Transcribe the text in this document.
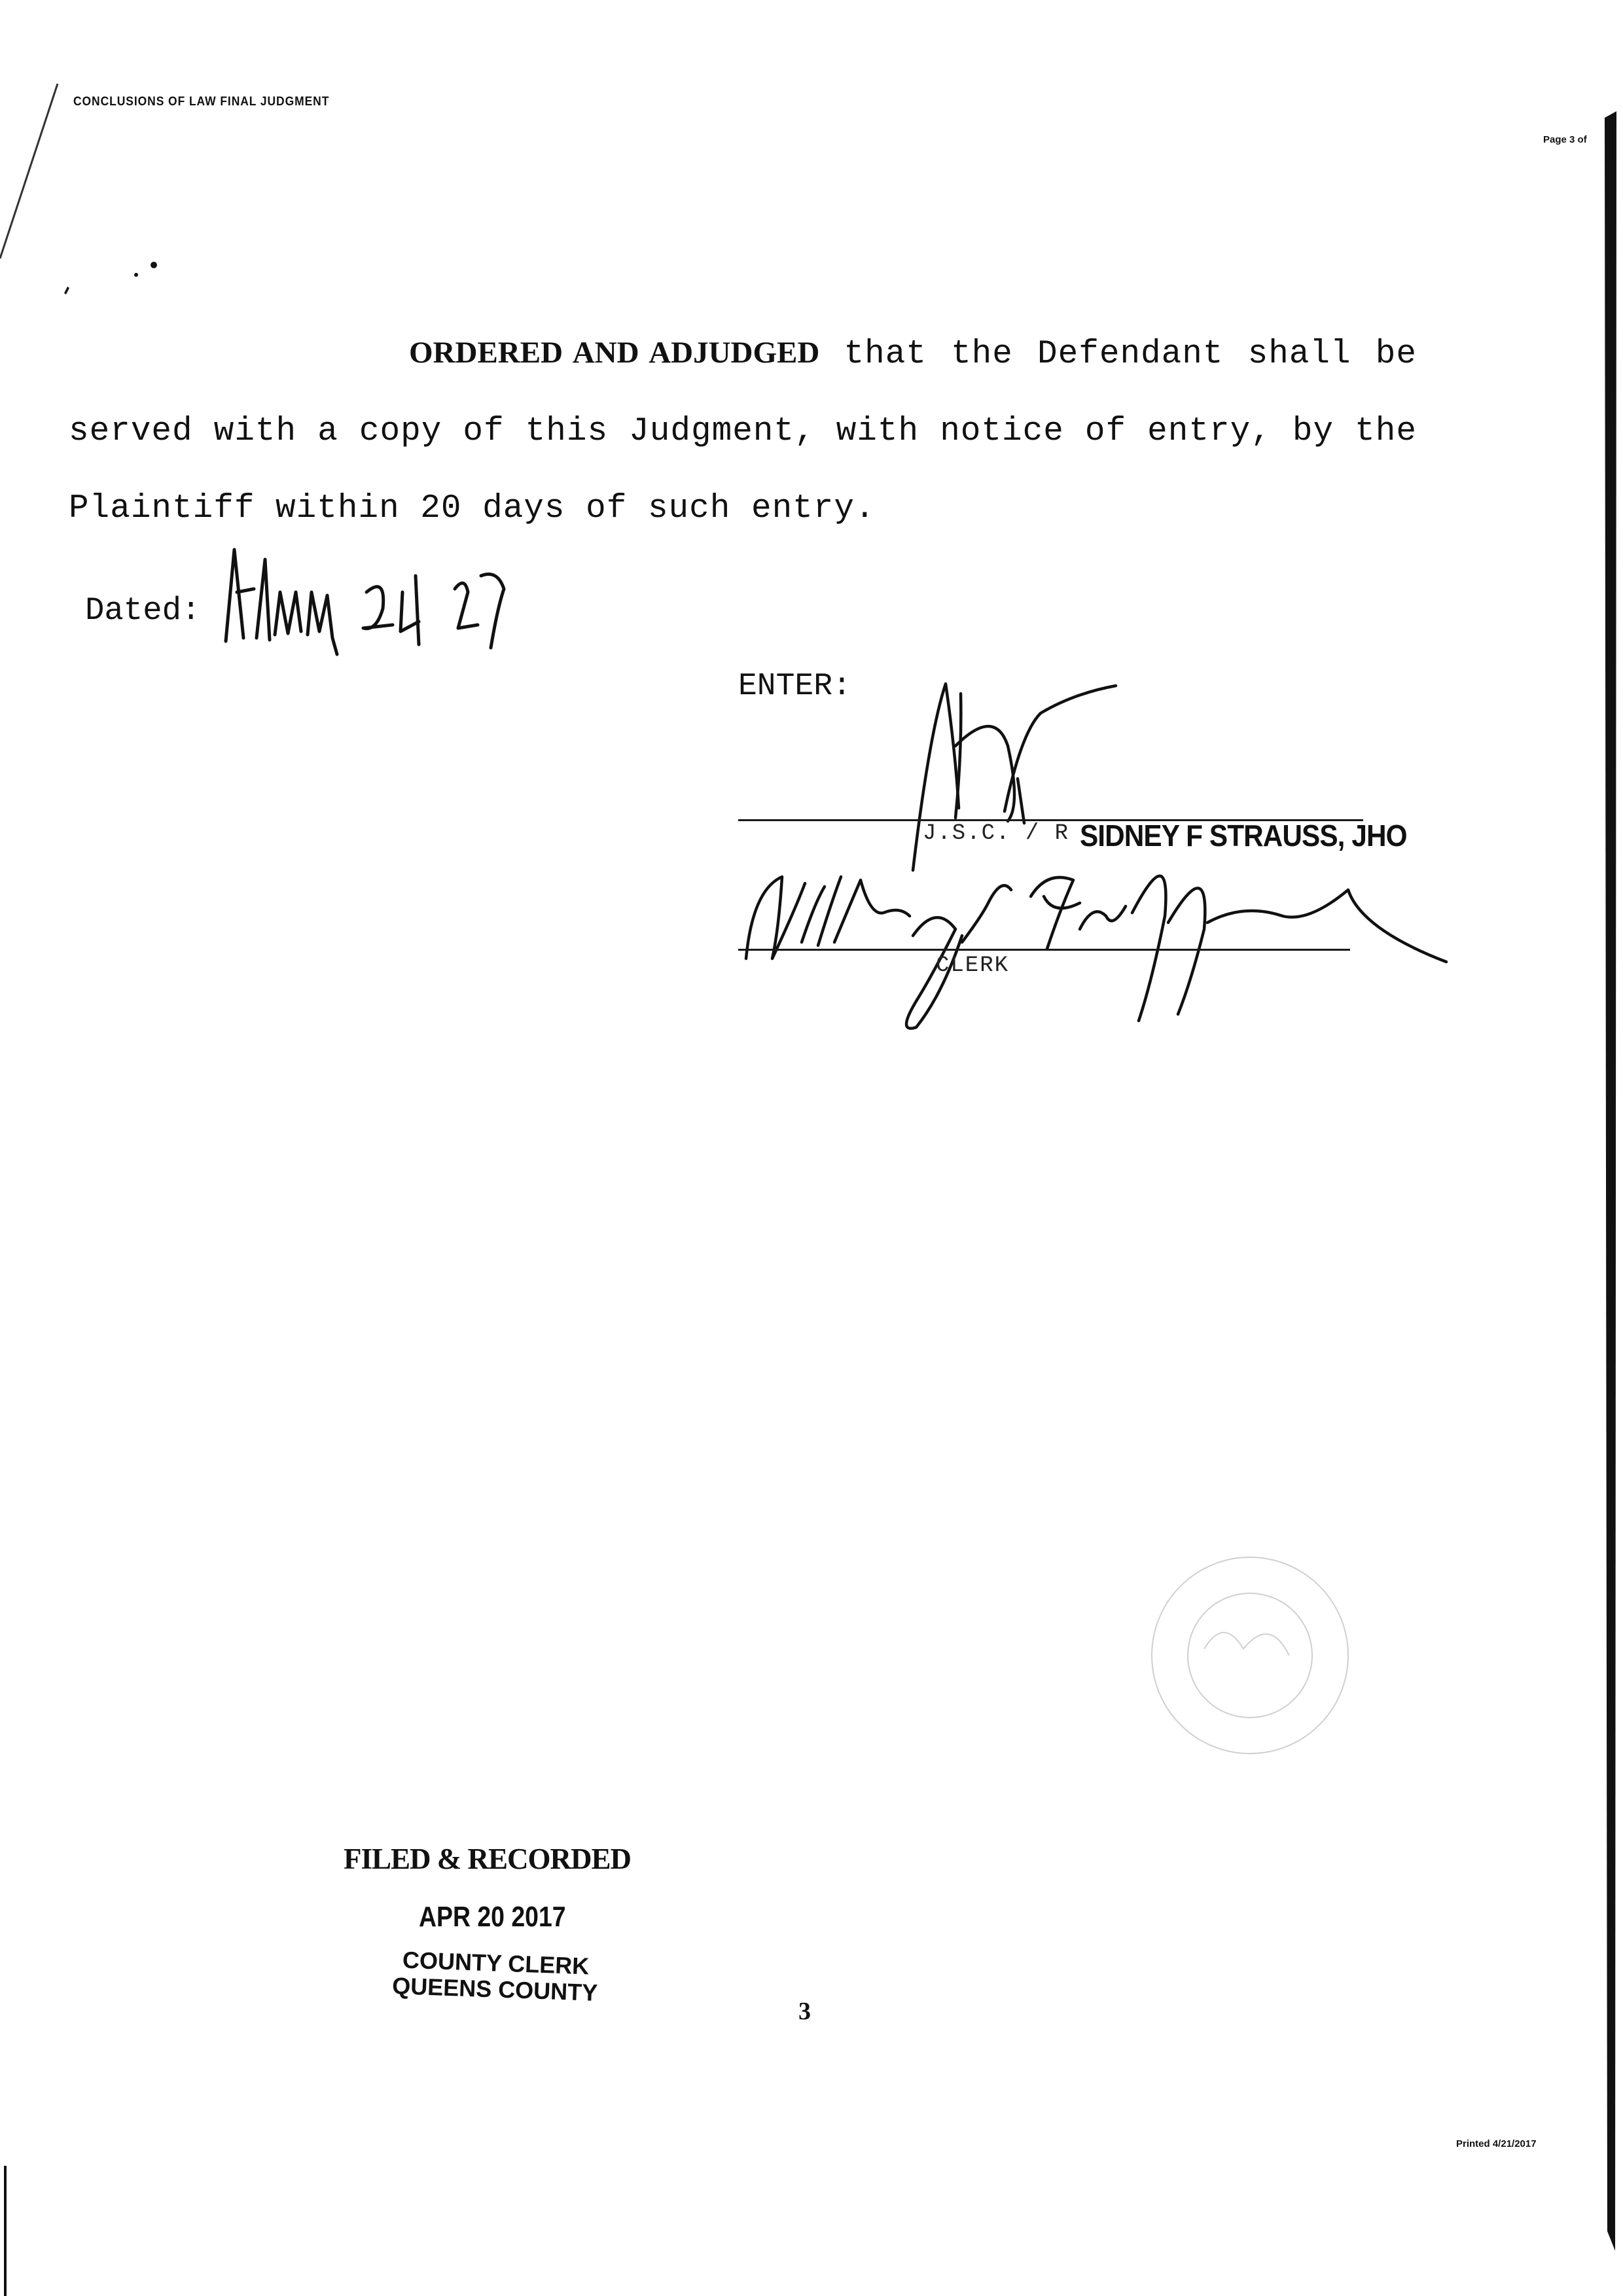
CONCLUSIONS OF LAW FINAL JUDGMENT
Page 3 of
ORDERED AND ADJUDGED that the Defendant shall be served with a copy of this Judgment, with notice of entry, by the Plaintiff within 20 days of such entry.
Dated:
ENTER:
J.S.C. / R SIDNEY F STRAUSS, JHO
CLERK
FILED & RECORDED
APR 20 2017
COUNTY CLERK
QUEENS COUNTY
3
Printed 4/21/2017
